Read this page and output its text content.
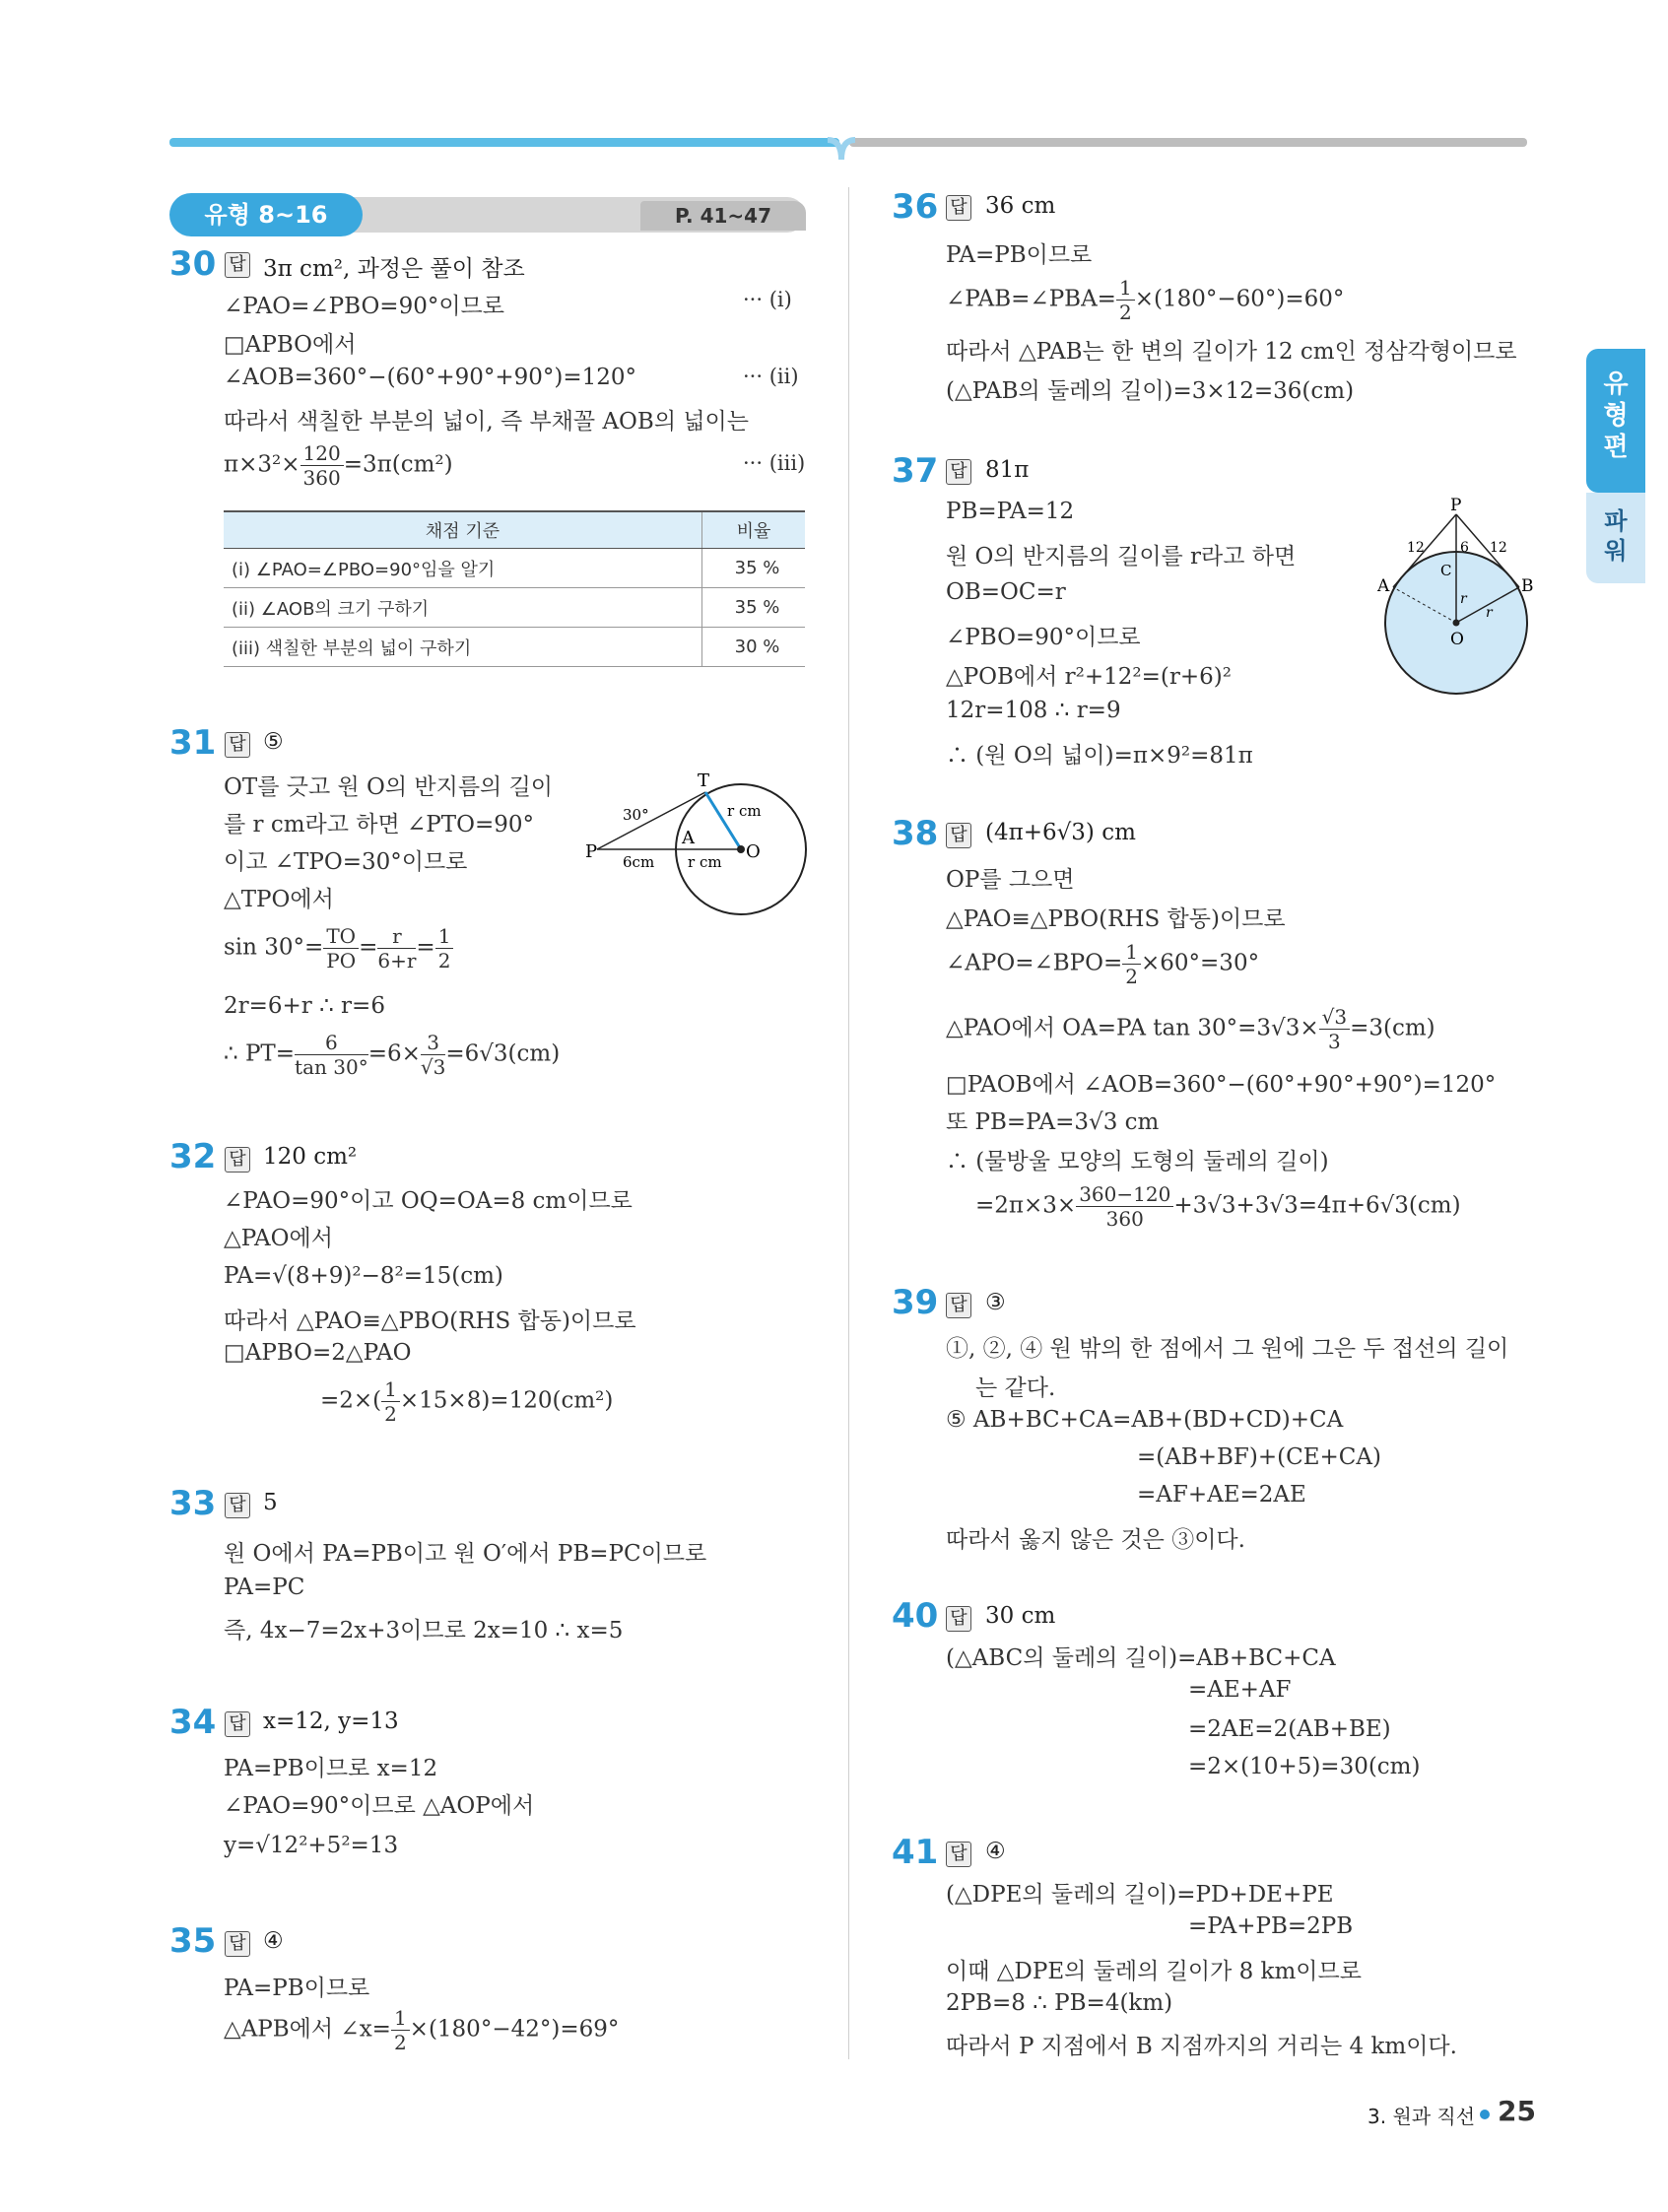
유형 8~16	P. 41~47
유
형
편
파
워
30 답 3π cm², 과정은 풀이 참조
∠PAO=∠PBO=90°이므로	··· (i)
□APBO에서
∠AOB=360°−(60°+90°+90°)=120°	··· (ii)
따라서 색칠한 부분의 넓이, 즉 부채꼴 AOB의 넓이는
$\pi\times 3^2\times \frac{120}{360} =3\pi(cm^2)$	··· (iii)
채점 기준	비율
(i) ∠PAO=∠PBO=90°임을 알기	35 %
(ii) ∠AOB의 크기 구하기	35 %
(iii) 색칠한 부분의 넓이 구하기	30 %
31 답 ⑤
OT를 긋고 원 O의 반지름의 길이
를 r cm라고 하면 ∠PTO=90°
이고 ∠TPO=30°이므로
△TPO에서
$\sin 30^\circ= \frac{TO}{PO} = \frac{r}{6+r} = \frac{1}{2}$
2r=6+r ∴ r=6
∴ $PT= \frac{6}{\tan 30^\circ} =6\times \frac{3}{√3} =6√3(cm)$
P
T
A
O
30°	r cm
6cm r cm
32 답 120 cm²
∠PAO=90°이고 OQ=OA=8 cm이므로
△PAO에서
PA=√(8+9)²−8²=15(cm)
따라서 △PAO≡△PBO(RHS 합동)이므로
□APBO=2△PAO
$=2\times( \frac{1}{2} \times 15\times 8)=120(cm^2)$
33 답 5
원 O에서 PA=PB이고 원 O′에서 PB=PC이므로
PA=PC
즉, 4x−7=2x+3이므로 2x=10 ∴ x=5
34 답 x=12, y=13
PA=PB이므로 x=12
∠PAO=90°이므로 △AOP에서
y=√12²+5²=13
35 답 ④
PA=PB이므로
△APB에서 ∠x= $\frac{1}{2} \times(180^\circ-42^\circ)=69^\circ$
36 답 36 cm
PA=PB이므로
∠PAB=∠PBA= $\frac{1}{2} \times(180^\circ-60^\circ)=60^\circ$
따라서 △PAB는 한 변의 길이가 12 cm인 정삼각형이므로
(△PAB의 둘레의 길이)=3×12=36(cm)
37 답 81π
PB=PA=12
원 O의 반지름의 길이를 r라고 하면
OB=OC=r
∠PBO=90°이므로
△POB에서 r²+12²=(r+6)²
12r=108 ∴ r=9
∴ (원 O의 넓이)=π×9²=81π
P
A	B
C
O
12	6 12
r
r
38 답 (4π+6√3) cm
OP를 그으면
△PAO≡△PBO(RHS 합동)이므로
∠APO=∠BPO= $\frac{1}{2} \times 60^\circ=30^\circ$
△PAO에서 OA=PA $\tan 30^\circ=3√3\times \frac{√3}{3} =3(cm)$
□PAOB에서 ∠AOB=360°−(60°+90°+90°)=120°
또 PB=PA=3√3 cm
∴ (물방울 모양의 도형의 둘레의 길이)
$=2\pi\times 3\times \frac{360-120}{360} +3√3+3√3=4\pi+6√3(cm)$
39 답 ③
①, ②, ④ 원 밖의 한 점에서 그 원에 그은 두 접선의 길이
는 같다.
⑤ AB+BC+CA=AB+(BD+CD)+CA
=(AB+BF)+(CE+CA)
=AF+AE=2AE
따라서 옳지 않은 것은 ③이다.
40 답 30 cm
(△ABC의 둘레의 길이)=AB+BC+CA
=AE+AF
=2AE=2(AB+BE)
=2×(10+5)=30(cm)
41 답 ④
(△DPE의 둘레의 길이)=PD+DE+PE
=PA+PB=2PB
이때 △DPE의 둘레의 길이가 8 km이므로
2PB=8 ∴ PB=4(km)
따라서 P 지점에서 B 지점까지의 거리는 4 km이다.
3. 원과 직선 25
